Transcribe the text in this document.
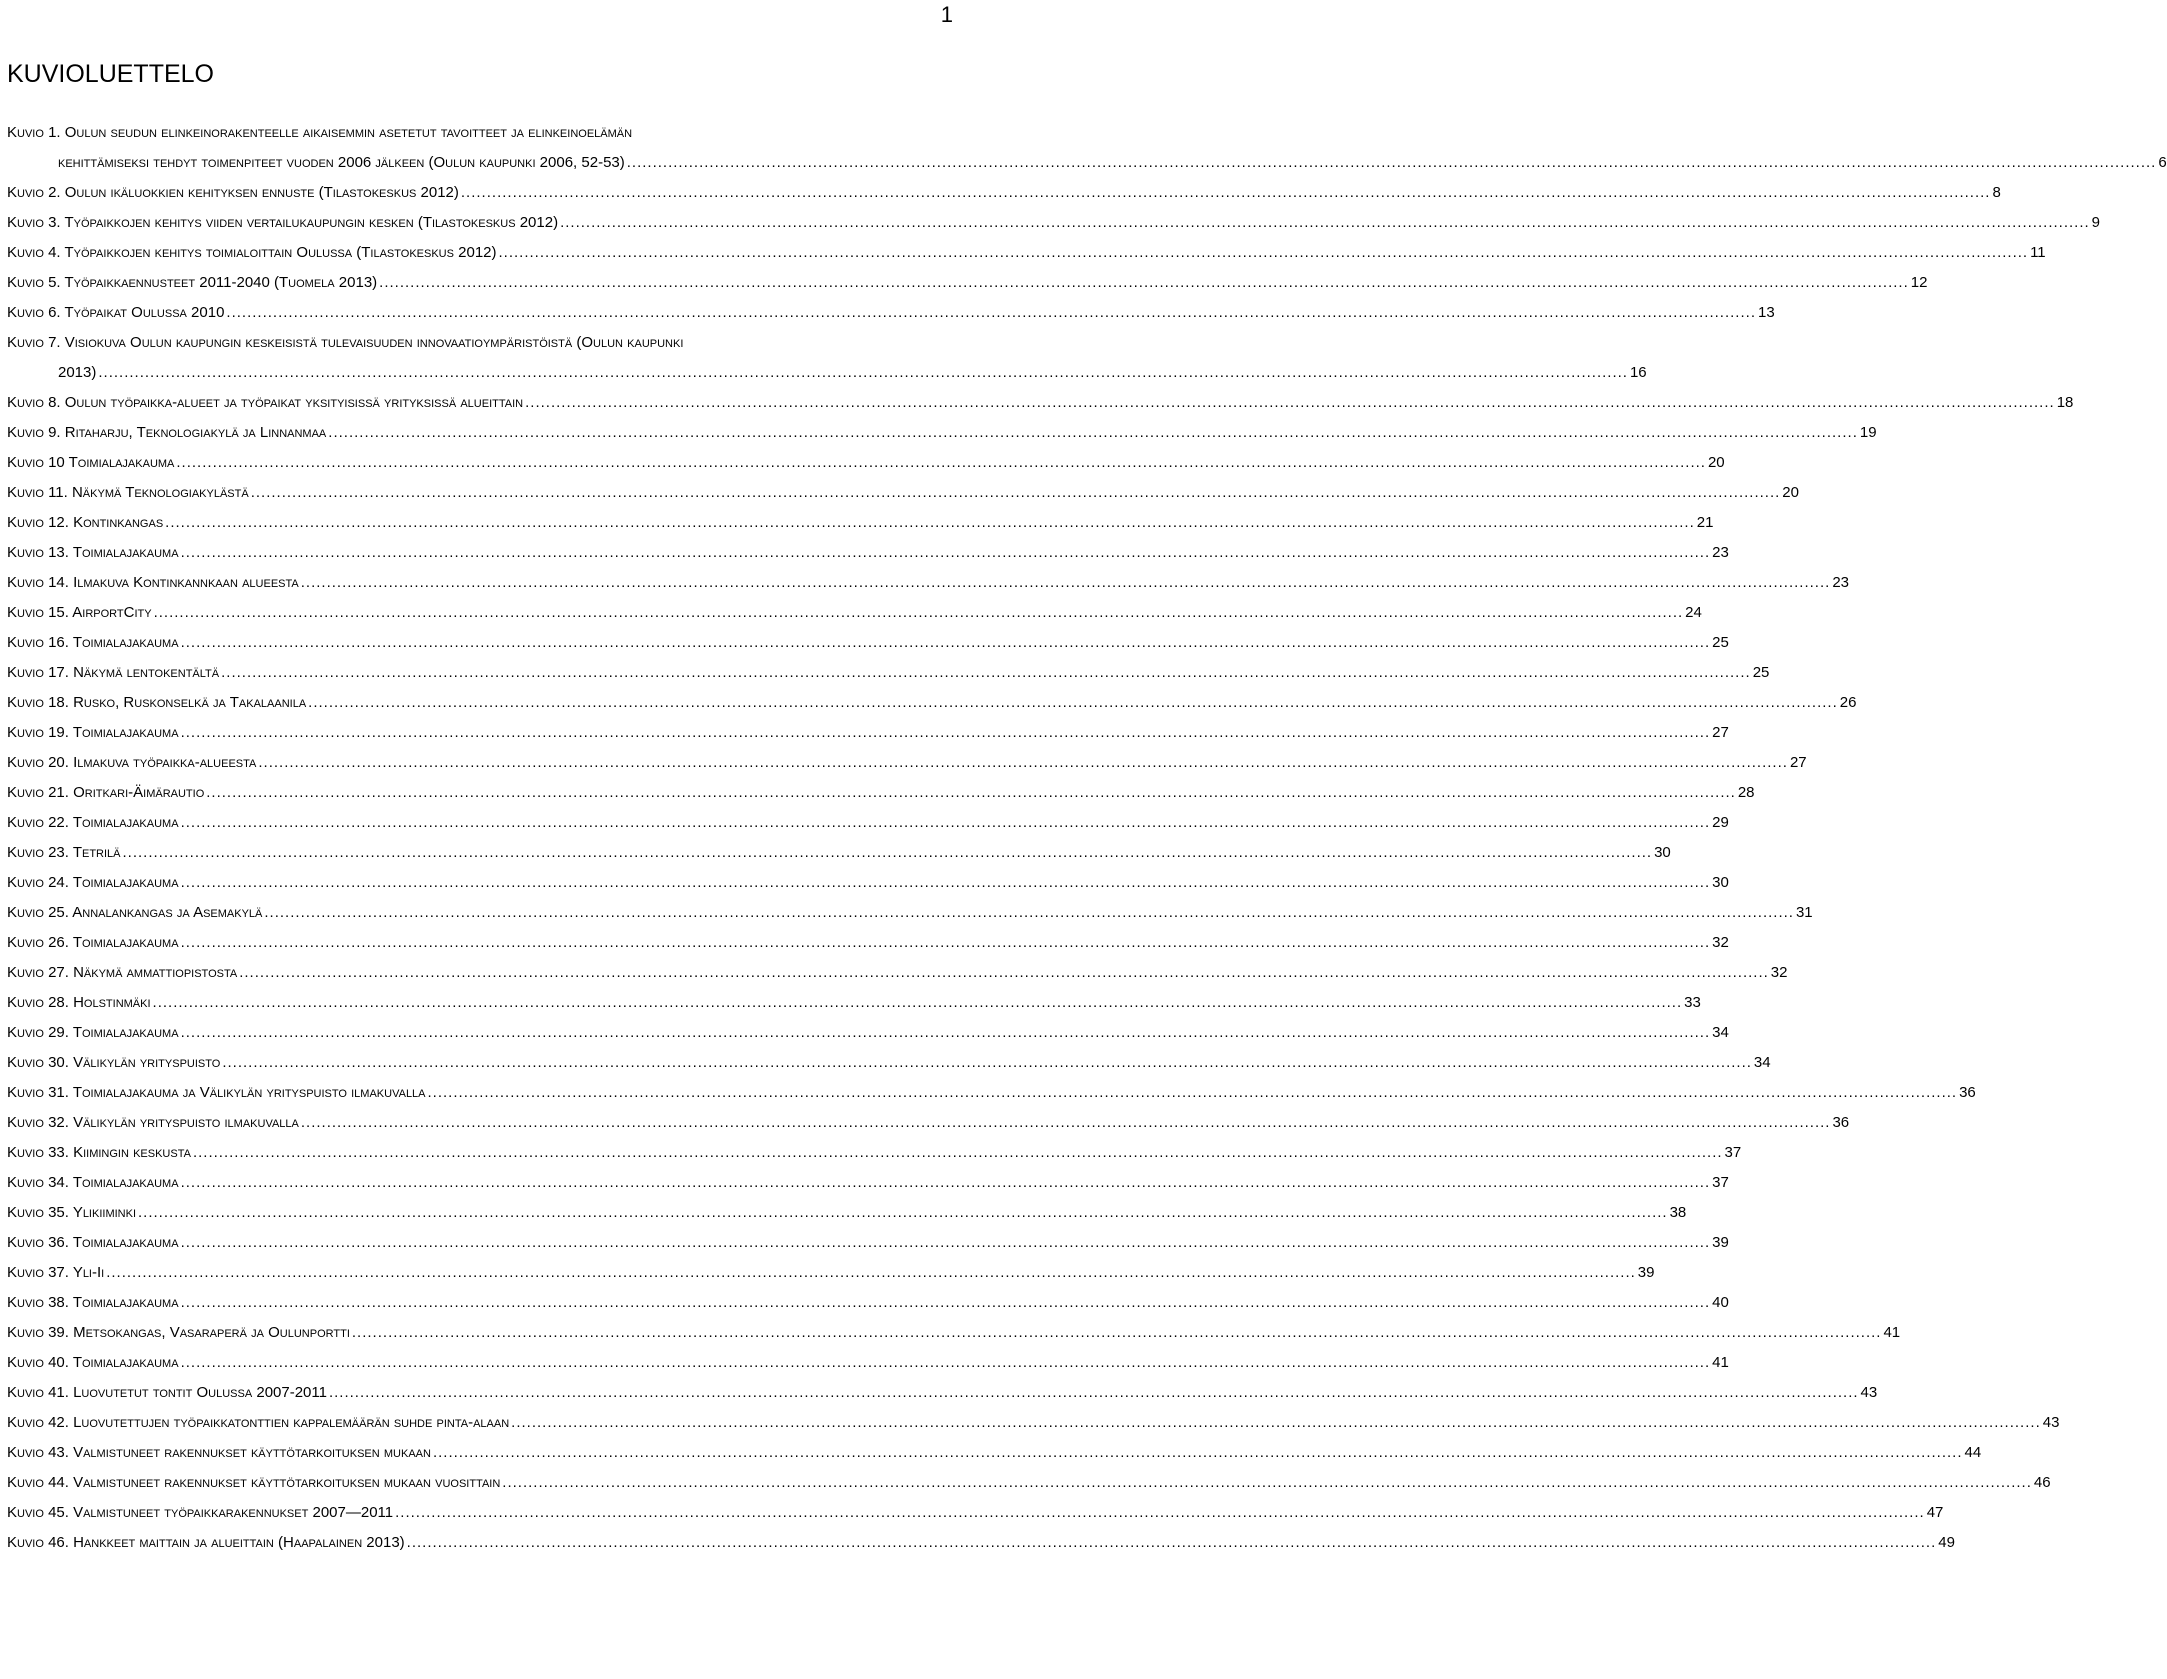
1
KUVIOLUETTELO
Kuvio 1. Oulun seudun elinkeinorakenteelle aikaisemmin asetetut tavoitteet ja elinkeinoelämän
kehittämiseksi tehdyt toimenpiteet vuoden 2006 jälkeen (Oulun kaupunki 2006, 52-53) .....	6
Kuvio 2. Oulun ikäluokkien kehityksen ennuste (Tilastokeskus 2012) .....	8
Kuvio 3. Työpaikkojen kehitys viiden vertailukaupungin kesken (Tilastokeskus 2012) .....	9
Kuvio 4. Työpaikkojen kehitys toimialoittain Oulussa (Tilastokeskus 2012) .....	11
Kuvio 5. Työpaikkaennusteet 2011-2040 (Tuomela 2013) .....	12
Kuvio 6. Työpaikat Oulussa 2010 .....	13
Kuvio 7. Visiokuva Oulun kaupungin keskeisistä tulevaisuuden innovaatioympäristöistä (Oulun kaupunki
2013) .....	16
Kuvio 8. Oulun työpaikka-alueet ja työpaikat yksityisissä yrityksissä alueittain .....	18
Kuvio 9. Ritaharju, Teknologiakylä ja Linnanmaa .....	19
Kuvio 10 Toimialajakauma .....	20
Kuvio 11. Näkymä Teknologiakylästä .....	20
Kuvio 12. Kontinkangas .....	21
Kuvio 13. Toimialajakauma .....	23
Kuvio 14. Ilmakuva Kontinkannkaan alueesta .....	23
Kuvio 15. AirportCity .....	24
Kuvio 16. Toimialajakauma .....	25
Kuvio 17. Näkymä lentokentältä .....	25
Kuvio 18. Rusko, Ruskonselkä ja Takalaanila .....	26
Kuvio 19. Toimialajakauma .....	27
Kuvio 20. Ilmakuva työpaikka-alueesta .....	27
Kuvio 21. Oritkari-Äimärautio .....	28
Kuvio 22. Toimialajakauma .....	29
Kuvio 23. Tetrilä .....	30
Kuvio 24. Toimialajakauma .....	30
Kuvio 25. Annalankangas ja Asemakylä .....	31
Kuvio 26. Toimialajakauma .....	32
Kuvio 27. Näkymä ammattiopistosta .....	32
Kuvio 28. Holstinmäki .....	33
Kuvio 29. Toimialajakauma .....	34
Kuvio 30. Välikylän yrityspuisto .....	34
Kuvio 31. Toimialajakauma ja Välikylän yrityspuisto ilmakuvalla .....	36
Kuvio 32. Välikylän yrityspuisto ilmakuvalla .....	36
Kuvio 33. Kiimingin keskusta .....	37
Kuvio 34. Toimialajakauma .....	37
Kuvio 35. Ylikiiminki .....	38
Kuvio 36. Toimialajakauma .....	39
Kuvio 37. Yli-Ii .....	39
Kuvio 38. Toimialajakauma .....	40
Kuvio 39. Metsokangas, Vasaraperä ja Oulunportti .....	41
Kuvio 40. Toimialajakauma .....	41
Kuvio 41. Luovutetut tontit Oulussa 2007-2011 .....	43
Kuvio 42. Luovutettujen työpaikkatonttien kappalemäärän suhde pinta-alaan .....	43
Kuvio 43. Valmistuneet rakennukset käyttötarkoituksen mukaan .....	44
Kuvio 44. Valmistuneet rakennukset käyttötarkoituksen mukaan vuosittain .....	46
Kuvio 45. Valmistuneet työpaikkarakennukset 2007—2011 .....	47
Kuvio 46. Hankkeet maittain ja alueittain (Haapalainen 2013) .....	49
